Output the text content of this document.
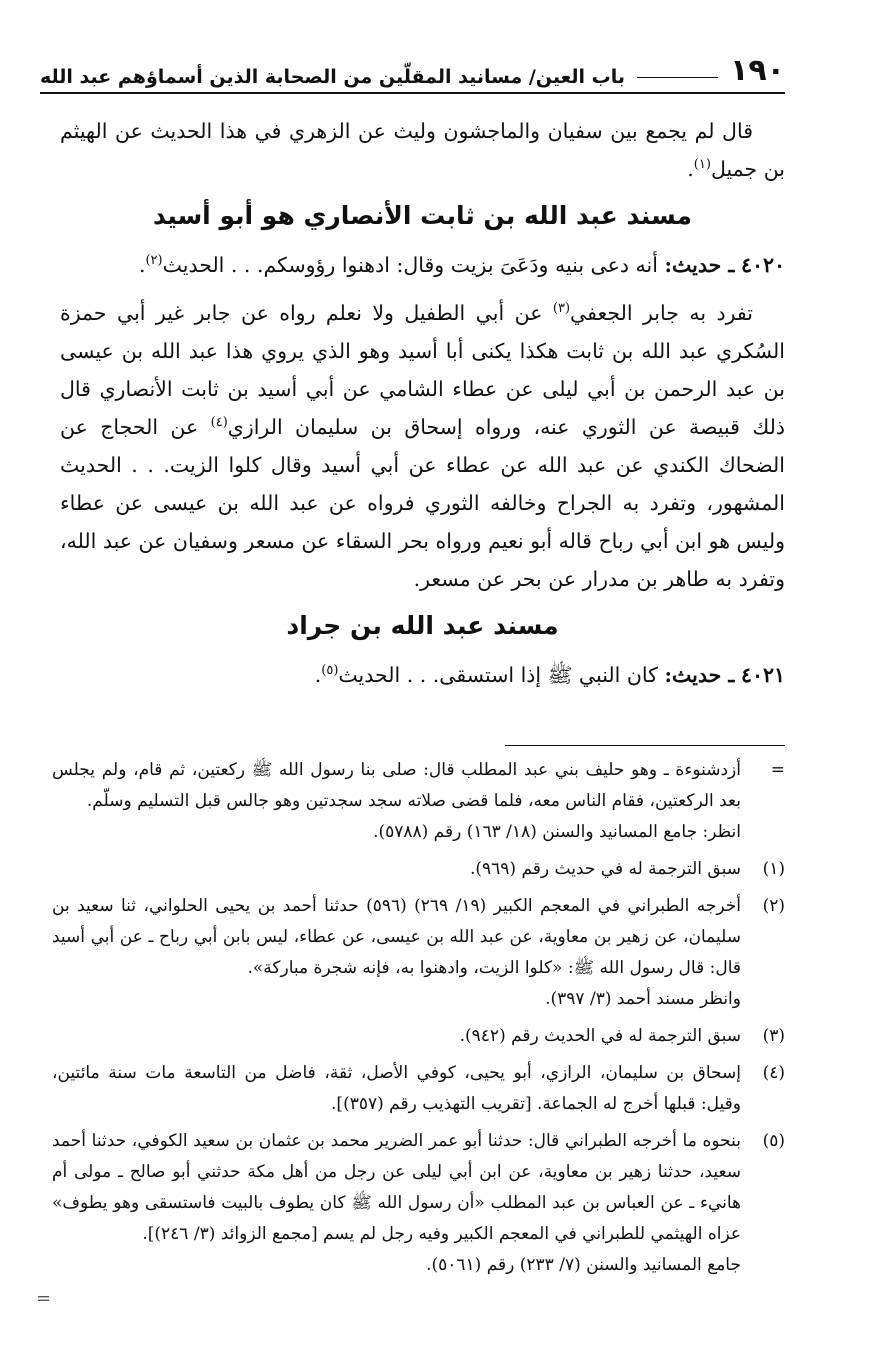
١٩٠
باب العين/ مسانيد المقلّين من الصحابة الذين أسماؤهم عبد الله

قال لم يجمع بين سفيان والماجشون وليث عن الزهري في هذا الحديث عن الهيثم بن جميل$^{(١)}$.

مسند عبد الله بن ثابت الأنصاري هو أبو أسيد

٤٠٢٠ ـ حديث: أنه دعى بنيه ودَعَىَ بزيت وقال: ادهنوا رؤوسكم. . . الحديث$^{(٢)}$.

تفرد به جابر الجعفي$^{(٣)}$ عن أبي الطفيل ولا نعلم رواه عن جابر غير أبي حمزة السُكري عبد الله بن ثابت هكذا يكنى أبا أسيد وهو الذي يروي هذا عبد الله بن عيسى بن عبد الرحمن بن أبي ليلى عن عطاء الشامي عن أبي أسيد بن ثابت الأنصاري قال ذلك قبيصة عن الثوري عنه، ورواه إسحاق بن سليمان الرازي$^{(٤)}$ عن الحجاج عن الضحاك الكندي عن عبد الله عن عطاء عن أبي أسيد وقال كلوا الزيت. . . الحديث المشهور، وتفرد به الجراح وخالفه الثوري فرواه عن عبد الله بن عيسى عن عطاء وليس هو ابن أبي رباح قاله أبو نعيم ورواه بحر السقاء عن مسعر وسفيان عن عبد الله، وتفرد به طاهر بن مدرار عن بحر عن مسعر.

مسند عبد الله بن جراد

٤٠٢١ ـ حديث: كان النبي ﷺ إذا استسقى. . . الحديث$^{(٥)}$.

=

أزدشنوءة ـ وهو حليف بني عبد المطلب قال: صلى بنا رسول الله ﷺ ركعتين، ثم قام، ولم يجلس بعد الركعتين، فقام الناس معه، فلما قضى صلاته سجد سجدتين وهو جالس قبل التسليم وسلّم.

انظر: جامع المسانيد والسنن (١٨/ ١٦٣) رقم (٥٧٨٨).

(١)

سبق الترجمة له في حديث رقم (٩٦٩).

(٢)

أخرجه الطبراني في المعجم الكبير (١٩/ ٢٦٩) (٥٩٦) حدثنا أحمد بن يحيى الحلواني، ثنا سعيد بن سليمان، عن زهير بن معاوية، عن عبد الله بن عيسى، عن عطاء، ليس بابن أبي رباح ـ عن أبي أسيد قال: قال رسول الله ﷺ: «كلوا الزيت، وادهنوا به، فإنه شجرة مباركة».

وانظر مسند أحمد (٣/ ٣٩٧).

(٣)

سبق الترجمة له في الحديث رقم (٩٤٢).

(٤)

إسحاق بن سليمان، الرازي، أبو يحيى، كوفي الأصل، ثقة، فاضل من التاسعة مات سنة مائتين، وقيل: قبلها أخرج له الجماعة. [تقريب التهذيب رقم (٣٥٧)].

(٥)

بنحوه ما أخرجه الطبراني قال: حدثنا أبو عمر الضرير محمد بن عثمان بن سعيد الكوفي، حدثنا أحمد سعيد، حدثنا زهير بن معاوية، عن ابن أبي ليلى عن رجل من أهل مكة حدثني أبو صالح ـ مولى أم هانيء ـ عن العباس بن عبد المطلب «أن رسول الله ﷺ كان يطوف بالبيت فاستسقى وهو يطوف» عزاه الهيثمي للطبراني في المعجم الكبير وفيه رجل لم يسم [مجمع الزوائد (٣/ ٢٤٦)].

جامع المسانيد والسنن (٧/ ٢٣٣) رقم (٥٠٦١).

=
